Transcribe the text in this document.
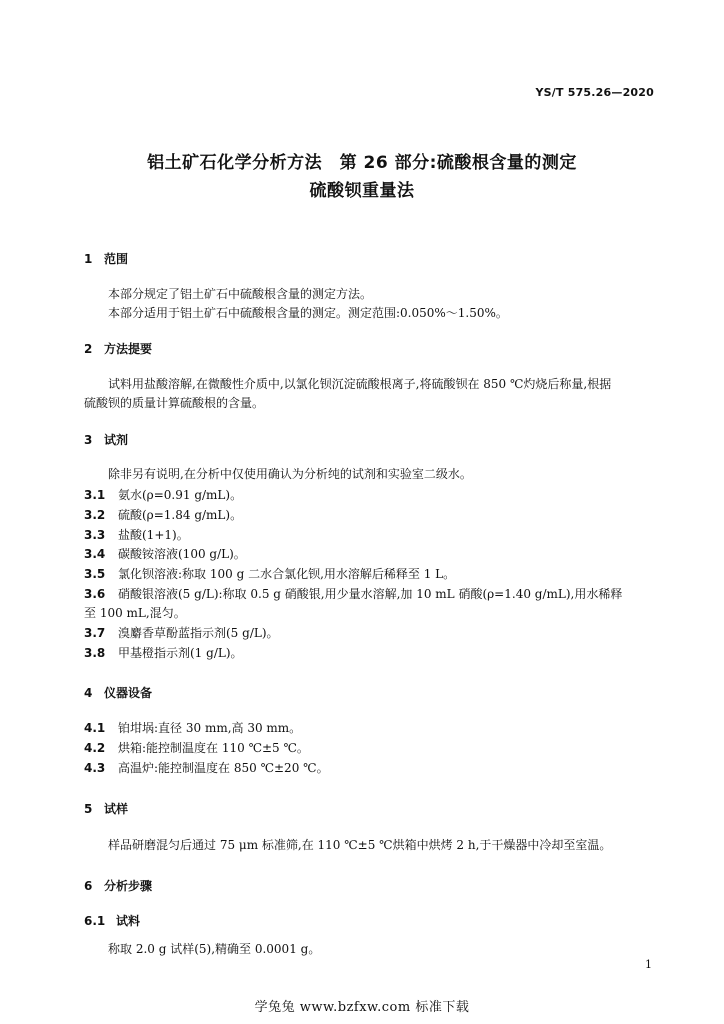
YS/T 575.26—2020
铝土矿石化学分析方法　第 26 部分:硫酸根含量的测定
硫酸钡重量法
1 范围
本部分规定了铝土矿石中硫酸根含量的测定方法。
本部分适用于铝土矿石中硫酸根含量的测定。测定范围:0.050%～1.50%。
2 方法提要
试料用盐酸溶解,在微酸性介质中,以氯化钡沉淀硫酸根离子,将硫酸钡在 850 ℃灼烧后称量,根据
硫酸钡的质量计算硫酸根的含量。
3 试剂
除非另有说明,在分析中仅使用确认为分析纯的试剂和实验室二级水。
3.1 氨水(ρ=0.91 g/mL)。
3.2 硫酸(ρ=1.84 g/mL)。
3.3 盐酸(1+1)。
3.4 碳酸铵溶液(100 g/L)。
3.5 氯化钡溶液:称取 100 g 二水合氯化钡,用水溶解后稀释至 1 L。
3.6 硝酸银溶液(5 g/L):称取 0.5 g 硝酸银,用少量水溶解,加 10 mL 硝酸(ρ=1.40 g/mL),用水稀释
至 100 mL,混匀。
3.7 溴麝香草酚蓝指示剂(5 g/L)。
3.8 甲基橙指示剂(1 g/L)。
4 仪器设备
4.1 铂坩埚:直径 30 mm,高 30 mm。
4.2 烘箱:能控制温度在 110 ℃±5 ℃。
4.3 高温炉:能控制温度在 850 ℃±20 ℃。
5 试样
样品研磨混匀后通过 75 μm 标准筛,在 110 ℃±5 ℃烘箱中烘烤 2 h,于干燥器中冷却至室温。
6 分析步骤
6.1 试料
称取 2.0 g 试样(5),精确至 0.0001 g。
1
学兔兔 www.bzfxw.com 标准下载
